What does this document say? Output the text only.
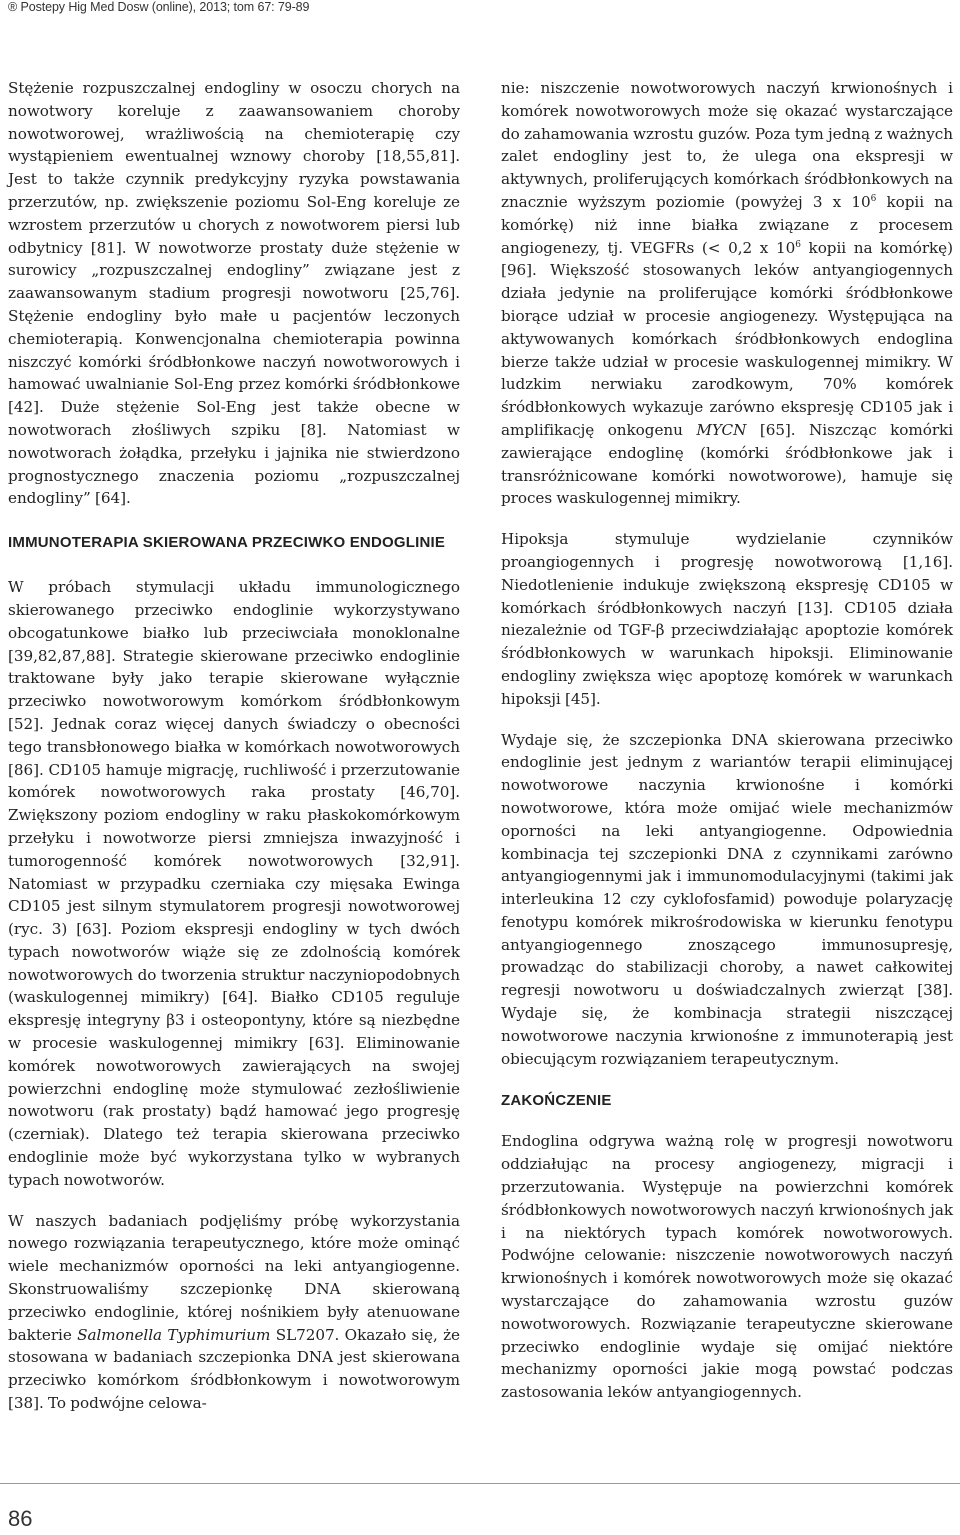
® Postepy Hig Med Dosw (online), 2013; tom 67: 79-89

Stężenie rozpuszczalnej endogliny w osoczu chorych na nowotwory koreluje z zaawansowaniem choroby nowotworowej, wrażliwością na chemioterapię czy wystąpieniem ewentualnej wznowy choroby [18,55,81]. Jest to także czynnik predykcyjny ryzyka powstawania przerzutów, np. zwiększenie poziomu Sol-Eng koreluje ze wzrostem przerzutów u chorych z nowotworem piersi lub odbytnicy [81]. W nowotworze prostaty duże stężenie w surowicy „rozpuszczalnej endogliny” związane jest z zaawansowanym stadium progresji nowotworu [25,76]. Stężenie endogliny było małe u pacjentów leczonych chemioterapią. Konwencjonalna chemioterapia powinna niszczyć komórki śródbłonkowe naczyń nowotworowych i hamować uwalnianie Sol-Eng przez komórki śródbłonkowe [42]. Duże stężenie Sol-Eng jest także obecne w nowotworach złośliwych szpiku [8]. Natomiast w nowotworach żołądka, przełyku i jajnika nie stwierdzono prognostycznego znaczenia poziomu „rozpuszczalnej endogliny” [64].

IMMUNOTERAPIA SKIEROWANA PRZECIWKO ENDOGLINIE

W próbach stymulacji układu immunologicznego skierowanego przeciwko endoglinie wykorzystywano obcogatunkowe białko lub przeciwciała monoklonalne [39,82,87,88]. Strategie skierowane przeciwko endoglinie traktowane były jako terapie skierowane wyłącznie przeciwko nowotworowym komórkom śródbłonkowym [52]. Jednak coraz więcej danych świadczy o obecności tego transbłonowego białka w komórkach nowotworowych [86]. CD105 hamuje migrację, ruchliwość i przerzutowanie komórek nowotworowych raka prostaty [46,70]. Zwiększony poziom endogliny w raku płaskokomórkowym przełyku i nowotworze piersi zmniejsza inwazyjność i tumorogenność komórek nowotworowych [32,91]. Natomiast w przypadku czerniaka czy mięsaka Ewinga CD105 jest silnym stymulatorem progresji nowotworowej (ryc. 3) [63]. Poziom ekspresji endogliny w tych dwóch typach nowotworów wiąże się ze zdolnością komórek nowotworowych do tworzenia struktur naczyniopodobnych (waskulogennej mimikry) [64]. Białko CD105 reguluje ekspresję integryny β3 i osteopontyny, które są niezbędne w procesie waskulogennej mimikry [63]. Eliminowanie komórek nowotworowych zawierających na swojej powierzchni endoglinę może stymulować zezłośliwienie nowotworu (rak prostaty) bądź hamować jego progresję (czerniak). Dlatego też terapia skierowana przeciwko endoglinie może być wykorzystana tylko w wybranych typach nowotworów.

W naszych badaniach podjęliśmy próbę wykorzystania nowego rozwiązania terapeutycznego, które może ominąć wiele mechanizmów oporności na leki antyangiogenne. Skonstruowaliśmy szczepionkę DNA skierowaną przeciwko endoglinie, której nośnikiem były atenuowane bakterie Salmonella Typhimurium SL7207. Okazało się, że stosowana w badaniach szczepionka DNA jest skierowana przeciwko komórkom śródbłonkowym i nowotworowym [38]. To podwójne celowa-

nie: niszczenie nowotworowych naczyń krwionośnych i komórek nowotworowych może się okazać wystarczające do zahamowania wzrostu guzów. Poza tym jedną z ważnych zalet endogliny jest to, że ulega ona ekspresji w aktywnych, proliferujących komórkach śródbłonkowych na znacznie wyższym poziomie (powyżej 3 x $10^6$ kopii na komórkę) niż inne białka związane z procesem angiogenezy, tj. VEGFRs (< 0,2 x $10^6$ kopii na komórkę) [96]. Większość stosowanych leków antyangiogennych działa jedynie na proliferujące komórki śródbłonkowe biorące udział w procesie angiogenezy. Występująca na aktywowanych komórkach śródbłonkowych endoglina bierze także udział w procesie waskulogennej mimikry. W ludzkim nerwiaku zarodkowym, 70% komórek śródbłonkowych wykazuje zarówno ekspresję CD105 jak i amplifikację onkogenu MYCN [65]. Niszcząc komórki zawierające endoglinę (komórki śródbłonkowe jak i transróżnicowane komórki nowotworowe), hamuje się proces waskulogennej mimikry.

Hipoksja stymuluje wydzielanie czynników proangiogennych i progresję nowotworową [1,16]. Niedotlenienie indukuje zwiększoną ekspresję CD105 w komórkach śródbłonkowych naczyń [13]. CD105 działa niezależnie od TGF-β przeciwdziałając apoptozie komórek śródbłonkowych w warunkach hipoksji. Eliminowanie endogliny zwiększa więc apoptozę komórek w warunkach hipoksji [45].

Wydaje się, że szczepionka DNA skierowana przeciwko endoglinie jest jednym z wariantów terapii eliminującej nowotworowe naczynia krwionośne i komórki nowotworowe, która może omijać wiele mechanizmów oporności na leki antyangiogenne. Odpowiednia kombinacja tej szczepionki DNA z czynnikami zarówno antyangiogennymi jak i immunomodulacyjnymi (takimi jak interleukina 12 czy cyklofosfamid) powoduje polaryzację fenotypu komórek mikrośrodowiska w kierunku fenotypu antyangiogennego znoszącego immunosupresję, prowadząc do stabilizacji choroby, a nawet całkowitej regresji nowotworu u doświadczalnych zwierząt [38]. Wydaje się, że kombinacja strategii niszczącej nowotworowe naczynia krwionośne z immunoterapią jest obiecującym rozwiązaniem terapeutycznym.

ZAKOŃCZENIE

Endoglina odgrywa ważną rolę w progresji nowotworu oddziałując na procesy angiogenezy, migracji i przerzutowania. Występuje na powierzchni komórek śródbłonkowych nowotworowych naczyń krwionośnych jak i na niektórych typach komórek nowotworowych. Podwójne celowanie: niszczenie nowotworowych naczyń krwionośnych i komórek nowotworowych może się okazać wystarczające do zahamowania wzrostu guzów nowotworowych. Rozwiązanie terapeutyczne skierowane przeciwko endoglinie wydaje się omijać niektóre mechanizmy oporności jakie mogą powstać podczas zastosowania leków antyangiogennych.

86
